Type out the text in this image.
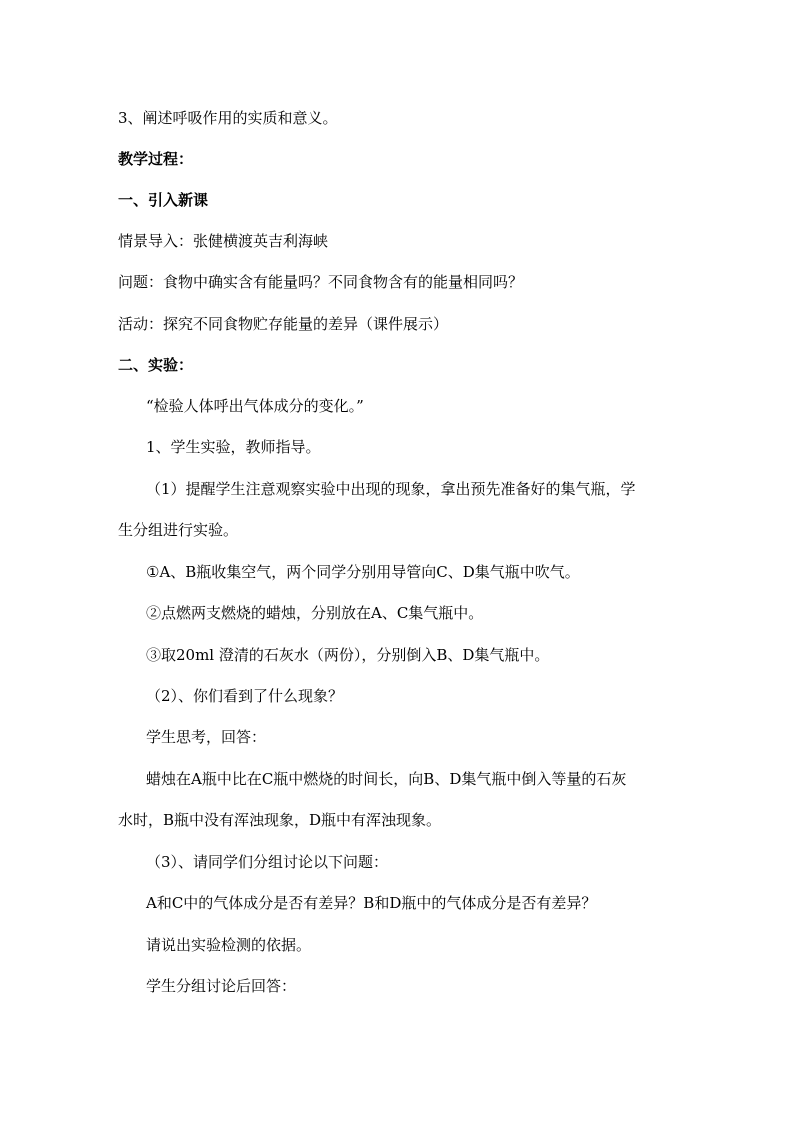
3、阐述呼吸作用的实质和意义。
教学过程：
一、引入新课
情景导入：张健横渡英吉利海峡
问题：食物中确实含有能量吗？不同食物含有的能量相同吗？
活动：探究不同食物贮存能量的差异（课件展示）
二、实验：
“检验人体呼出气体成分的变化。”
1、学生实验，教师指导。
（1）提醒学生注意观察实验中出现的现象，拿出预先准备好的集气瓶，学
生分组进行实验。
①A、B瓶收集空气，两个同学分别用导管向C、D集气瓶中吹气。
②点燃两支燃烧的蜡烛，分别放在A、C集气瓶中。
③取20ml 澄清的石灰水（两份），分别倒入B、D集气瓶中。
（2）、你们看到了什么现象？
学生思考，回答：
蜡烛在A瓶中比在C瓶中燃烧的时间长，向B、D集气瓶中倒入等量的石灰
水时，B瓶中没有浑浊现象，D瓶中有浑浊现象。
（3）、请同学们分组讨论以下问题：
A和C中的气体成分是否有差异？B和D瓶中的气体成分是否有差异？
请说出实验检测的依据。
学生分组讨论后回答：
